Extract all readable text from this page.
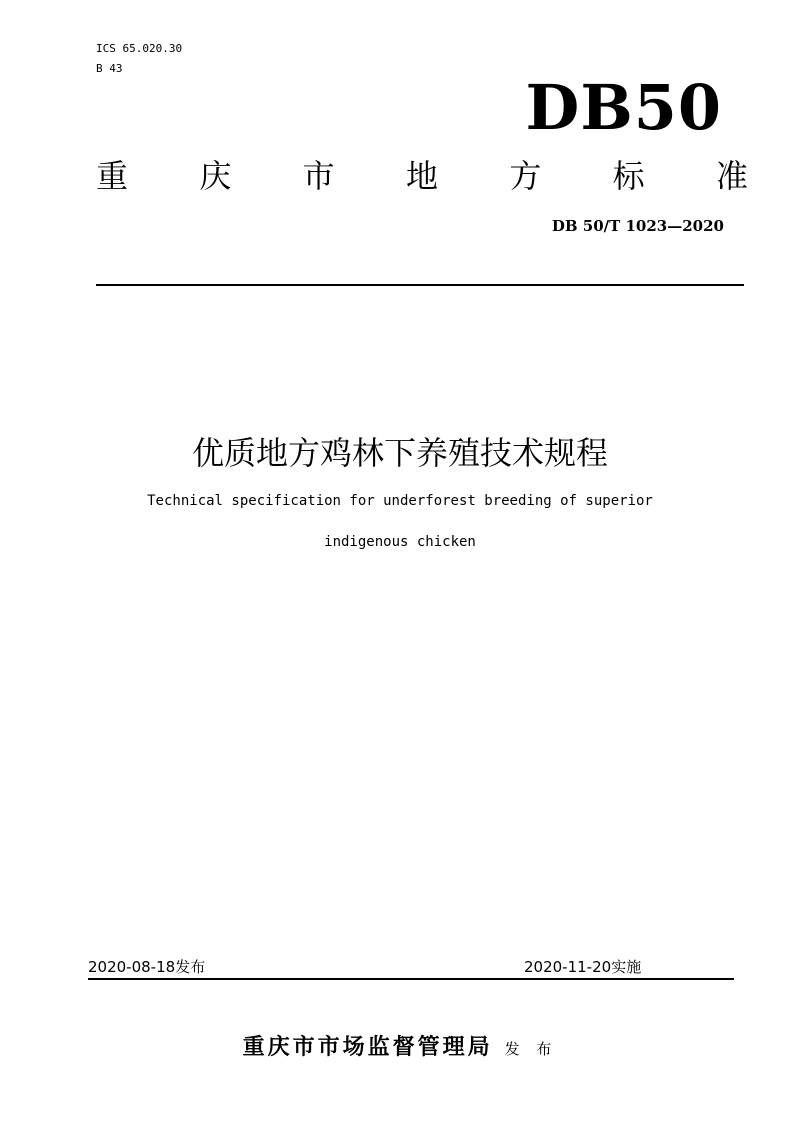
ICS 65.020.30
B 43
DB50
重 庆 市 地 方 标 准
DB 50/T 1023—2020
优质地方鸡林下养殖技术规程
Technical specification for underforest breeding of superior
indigenous chicken
2020-08-18发布	2020-11-20实施
重庆市市场监督管理局 发 布
